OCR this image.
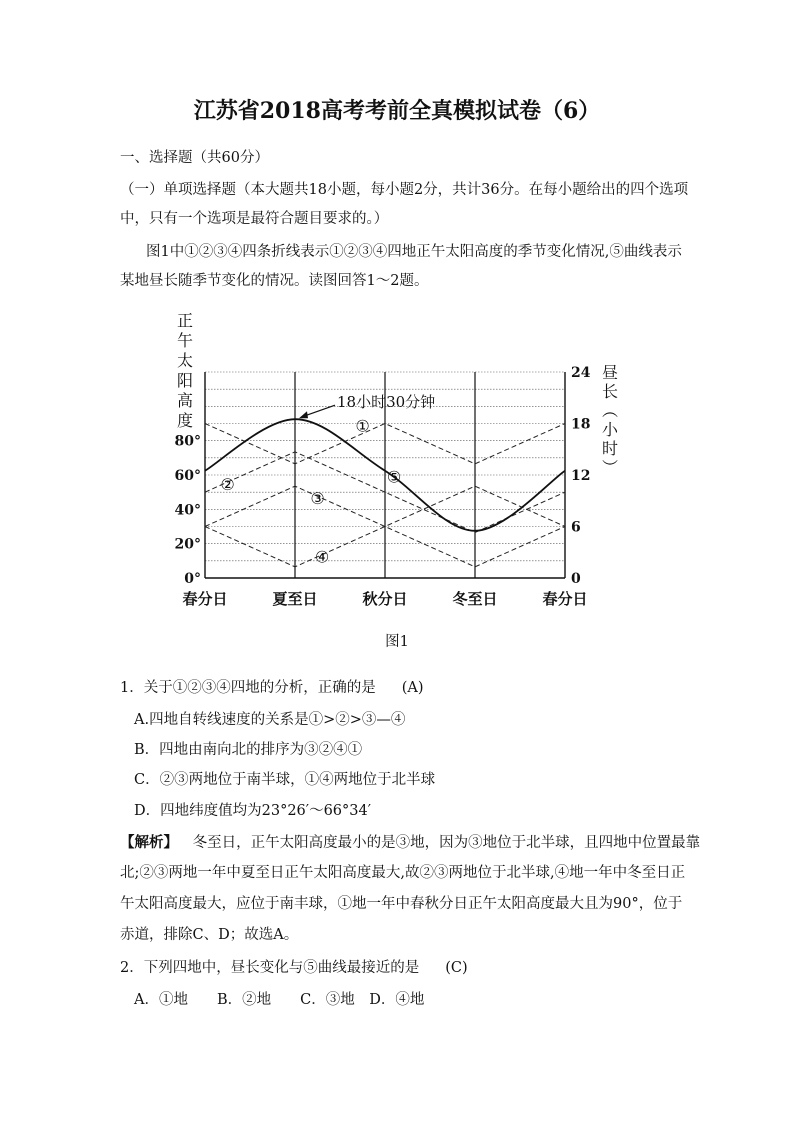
江苏省2018高考考前全真模拟试卷（6）
一、选择题（共60分）
（一）单项选择题（本大题共18小题，每小题2分，共计36分。在每小题给出的四个选项
中，只有一个选项是最符合题目要求的。）
图1中①②③④四条折线表示①②③④四地正午太阳高度的季节变化情况,⑤曲线表示
某地昼长随季节变化的情况。读图回答1～2题。
正
午
太
阳
高
度
昼
长
（
小
时
）
①
②
③
④
⑤
18小时30分钟
0°
20°
40°
60°
80°
0
6
12
18
24
春分日	夏至日	秋分日	冬至日	春分日
图1
1．关于①②③④四地的分析，正确的是 (A)
A.四地自转线速度的关系是①>②>③—④
B．四地由南向北的排序为③②④①
C．②③两地位于南半球，①④两地位于北半球
D．四地纬度值均为23°26′～66°34′
【解析】 冬至日，正午太阳高度最小的是③地，因为③地位于北半球，且四地中位置最靠
北;②③两地一年中夏至日正午太阳高度最大,故②③两地位于北半球,④地一年中冬至日正
午太阳高度最大，应位于南丰球，①地一年中春秋分日正午太阳高度最大且为90°，位于
赤道，排除C、D；故选A。
2．下列四地中，昼长变化与⑤曲线最接近的是 (C)
A．①地　　B．②地　　C．③地　D．④地
